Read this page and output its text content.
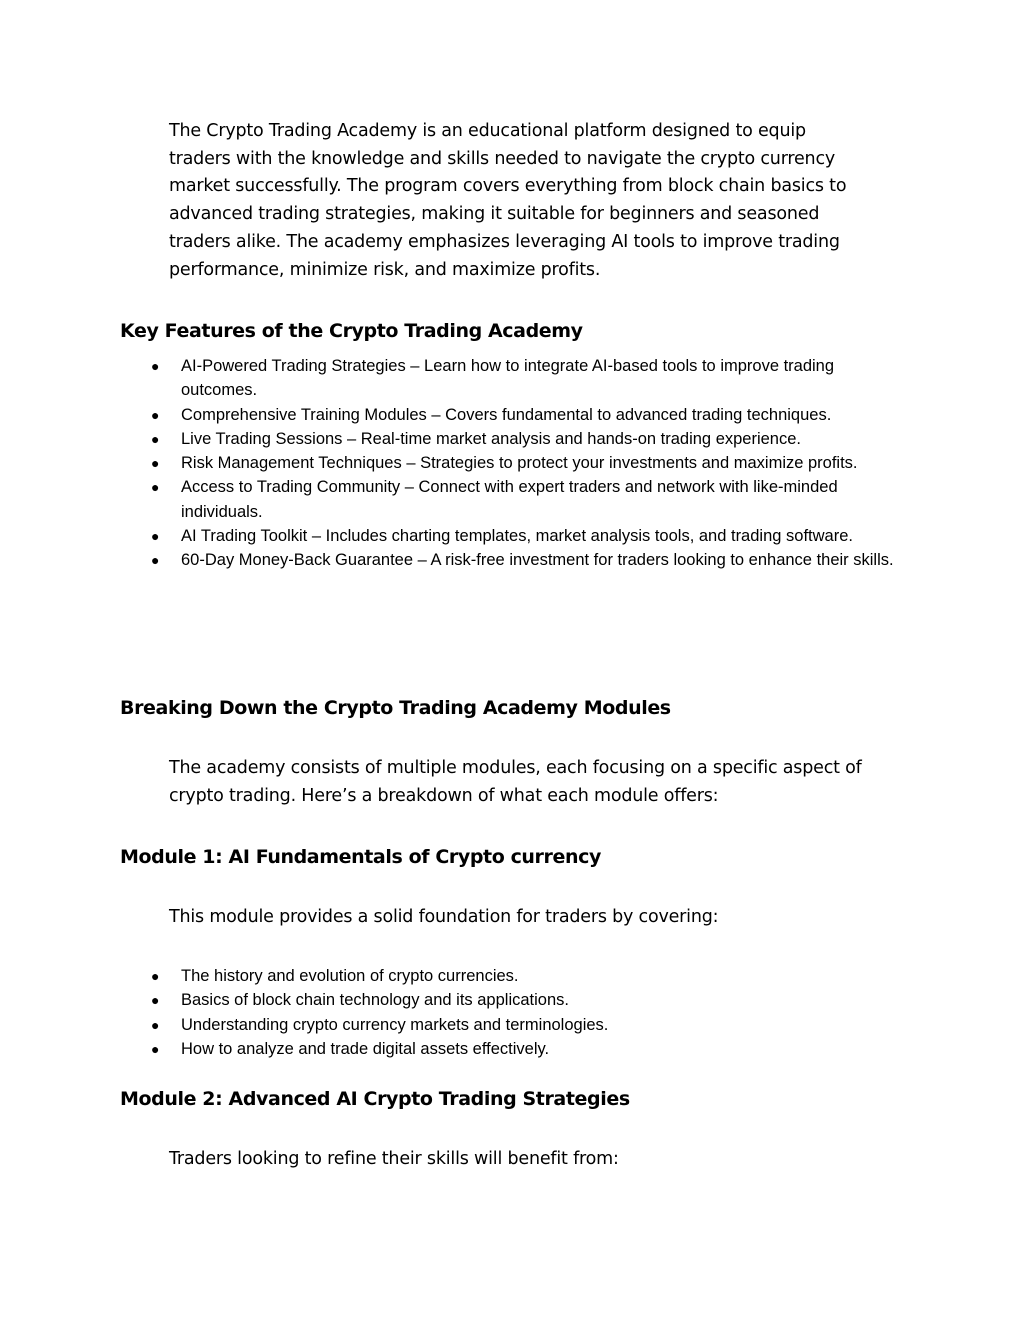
The Crypto Trading Academy is an educational platform designed to equip traders with the knowledge and skills needed to navigate the crypto currency market successfully. The program covers everything from block chain basics to advanced trading strategies, making it suitable for beginners and seasoned traders alike. The academy emphasizes leveraging AI tools to improve trading performance, minimize risk, and maximize profits.

Key Features of the Crypto Trading Academy
● AI-Powered Trading Strategies – Learn how to integrate AI-based tools to improve trading outcomes.
● Comprehensive Training Modules – Covers fundamental to advanced trading techniques.
● Live Trading Sessions – Real-time market analysis and hands-on trading experience.
● Risk Management Techniques – Strategies to protect your investments and maximize profits.
● Access to Trading Community – Connect with expert traders and network with like-minded individuals.
● AI Trading Toolkit – Includes charting templates, market analysis tools, and trading software.
● 60-Day Money-Back Guarantee – A risk-free investment for traders looking to enhance their skills.
Breaking Down the Crypto Trading Academy Modules

The academy consists of multiple modules, each focusing on a specific aspect of crypto trading. Here’s a breakdown of what each module offers:

Module 1: AI Fundamentals of Crypto currency

This module provides a solid foundation for traders by covering:

● The history and evolution of crypto currencies.
● Basics of block chain technology and its applications.
● Understanding crypto currency markets and terminologies.
● How to analyze and trade digital assets effectively.
Module 2: Advanced AI Crypto Trading Strategies

Traders looking to refine their skills will benefit from:
